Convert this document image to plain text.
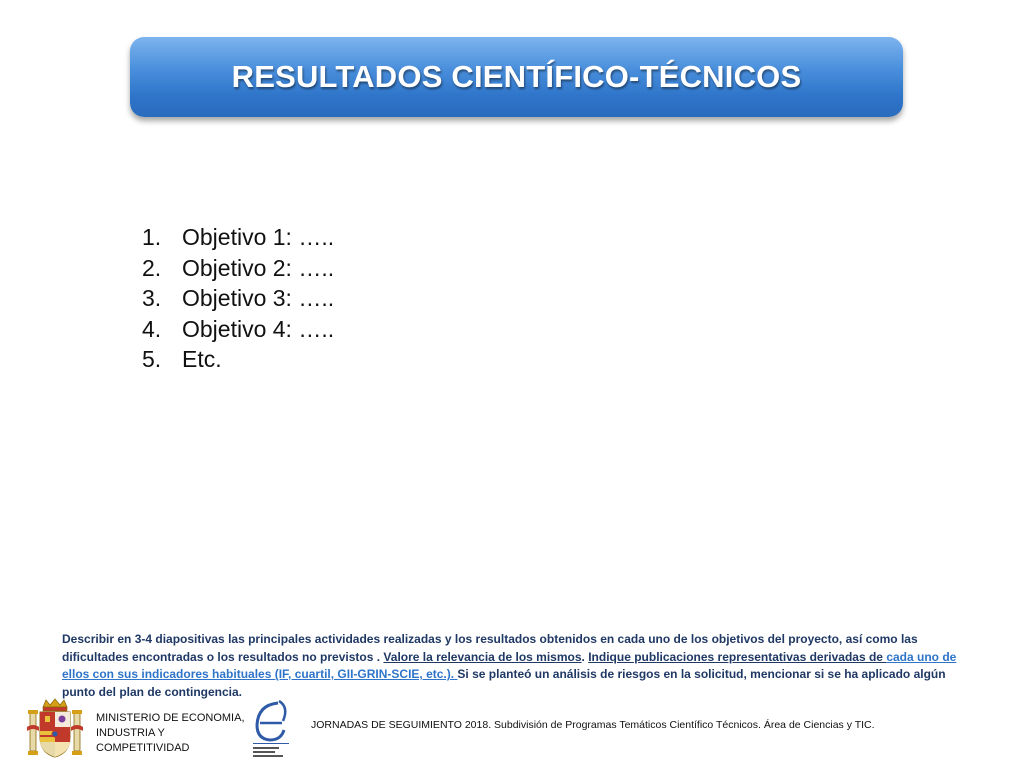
RESULTADOS CIENTÍFICO-TÉCNICOS
1. Objetivo 1: …..
2. Objetivo 2: …..
3. Objetivo 3: …..
4. Objetivo 4: …..
5. Etc.
Describir en 3-4 diapositivas las principales actividades realizadas y los resultados obtenidos en cada uno de los objetivos del proyecto, así como las dificultades encontradas o los resultados no previstos . Valore la relevancia de los mismos. Indique publicaciones representativas derivadas de cada uno de ellos con sus indicadores habituales (IF, cuartil, GII-GRIN-SCIE, etc.). Si se planteó un análisis de riesgos en la solicitud, mencionar si se ha aplicado algún punto del plan de contingencia.
MINISTERIO DE ECONOMIA,
INDUSTRIA Y
COMPETITIVIDAD
JORNADAS DE SEGUIMIENTO 2018. Subdivisión de Programas Temáticos Científico Técnicos. Área de Ciencias y TIC.
